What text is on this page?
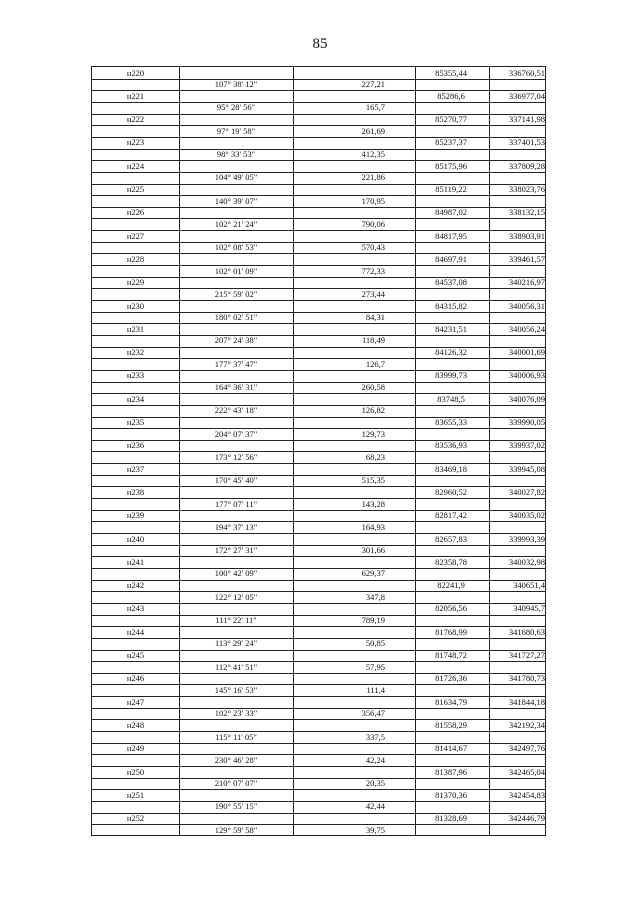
85
н220	85355,44	336760,51
107° 38' 12"	227,21
н221	85286,6	336977,04
95° 28' 56"	165,7
н222	85270,77	337141,98
97° 19' 58"	261,69
н223	85237,37	337401,53
98° 33' 53"	412,35
н224	85175,96	337809,28
104° 49' 05"	221,86
н225	85119,22	338023,76
140° 39' 07"	170,95
н226	84987,02	338132,15
102° 21' 24"	790,06
н227	84817,95	338903,91
102° 08' 53"	570,43
н228	84697,91	339461,57
102° 01' 09"	772,33
н229	84537,08	340216,97
215° 59' 02"	273,44
н230	84315,82	340056,31
180° 02' 51"	84,31
н231	84231,51	340056,24
207° 24' 38"	118,49
н232	84126,32	340001,69
177° 37' 47"	126,7
н233	83999,73	340006,93
164° 36' 31"	260,58
н234	83748,5	340076,09
222° 43' 18"	126,82
н235	83655,33	339990,05
204° 07' 37"	129,73
н236	83536,93	339937,02
173° 12' 56"	68,23
н237	83469,18	339945,08
170° 45' 40"	515,35
н238	82960,52	340027,82
177° 07' 11"	143,28
н239	82817,42	340035,02
194° 37' 13"	164,93
н240	82657,83	339993,39
172° 27' 31"	301,66
н241	82358,78	340032,98
100° 42' 09"	629,37
н242	82241,9	340651,4
122° 12' 05"	347,8
н243	82056,56	340945,7
111° 22' 11"	789,19
н244	81768,99	341680,63
113° 29' 24"	50,85
н245	81748,72	341727,27
112° 41' 51"	57,95
н246	81726,36	341780,73
145° 16' 53"	111,4
н247	81634,79	341844,18
102° 23' 33"	356,47
н248	81558,29	342192,34
115° 11' 05"	337,5
н249	81414,67	342497,76
230° 46' 28"	42,24
н250	81387,96	342465,04
210° 07' 07"	20,35
н251	81370,36	342454,83
190° 55' 15"	42,44
н252	81328,69	342446,79
129° 59' 58"	39,75
